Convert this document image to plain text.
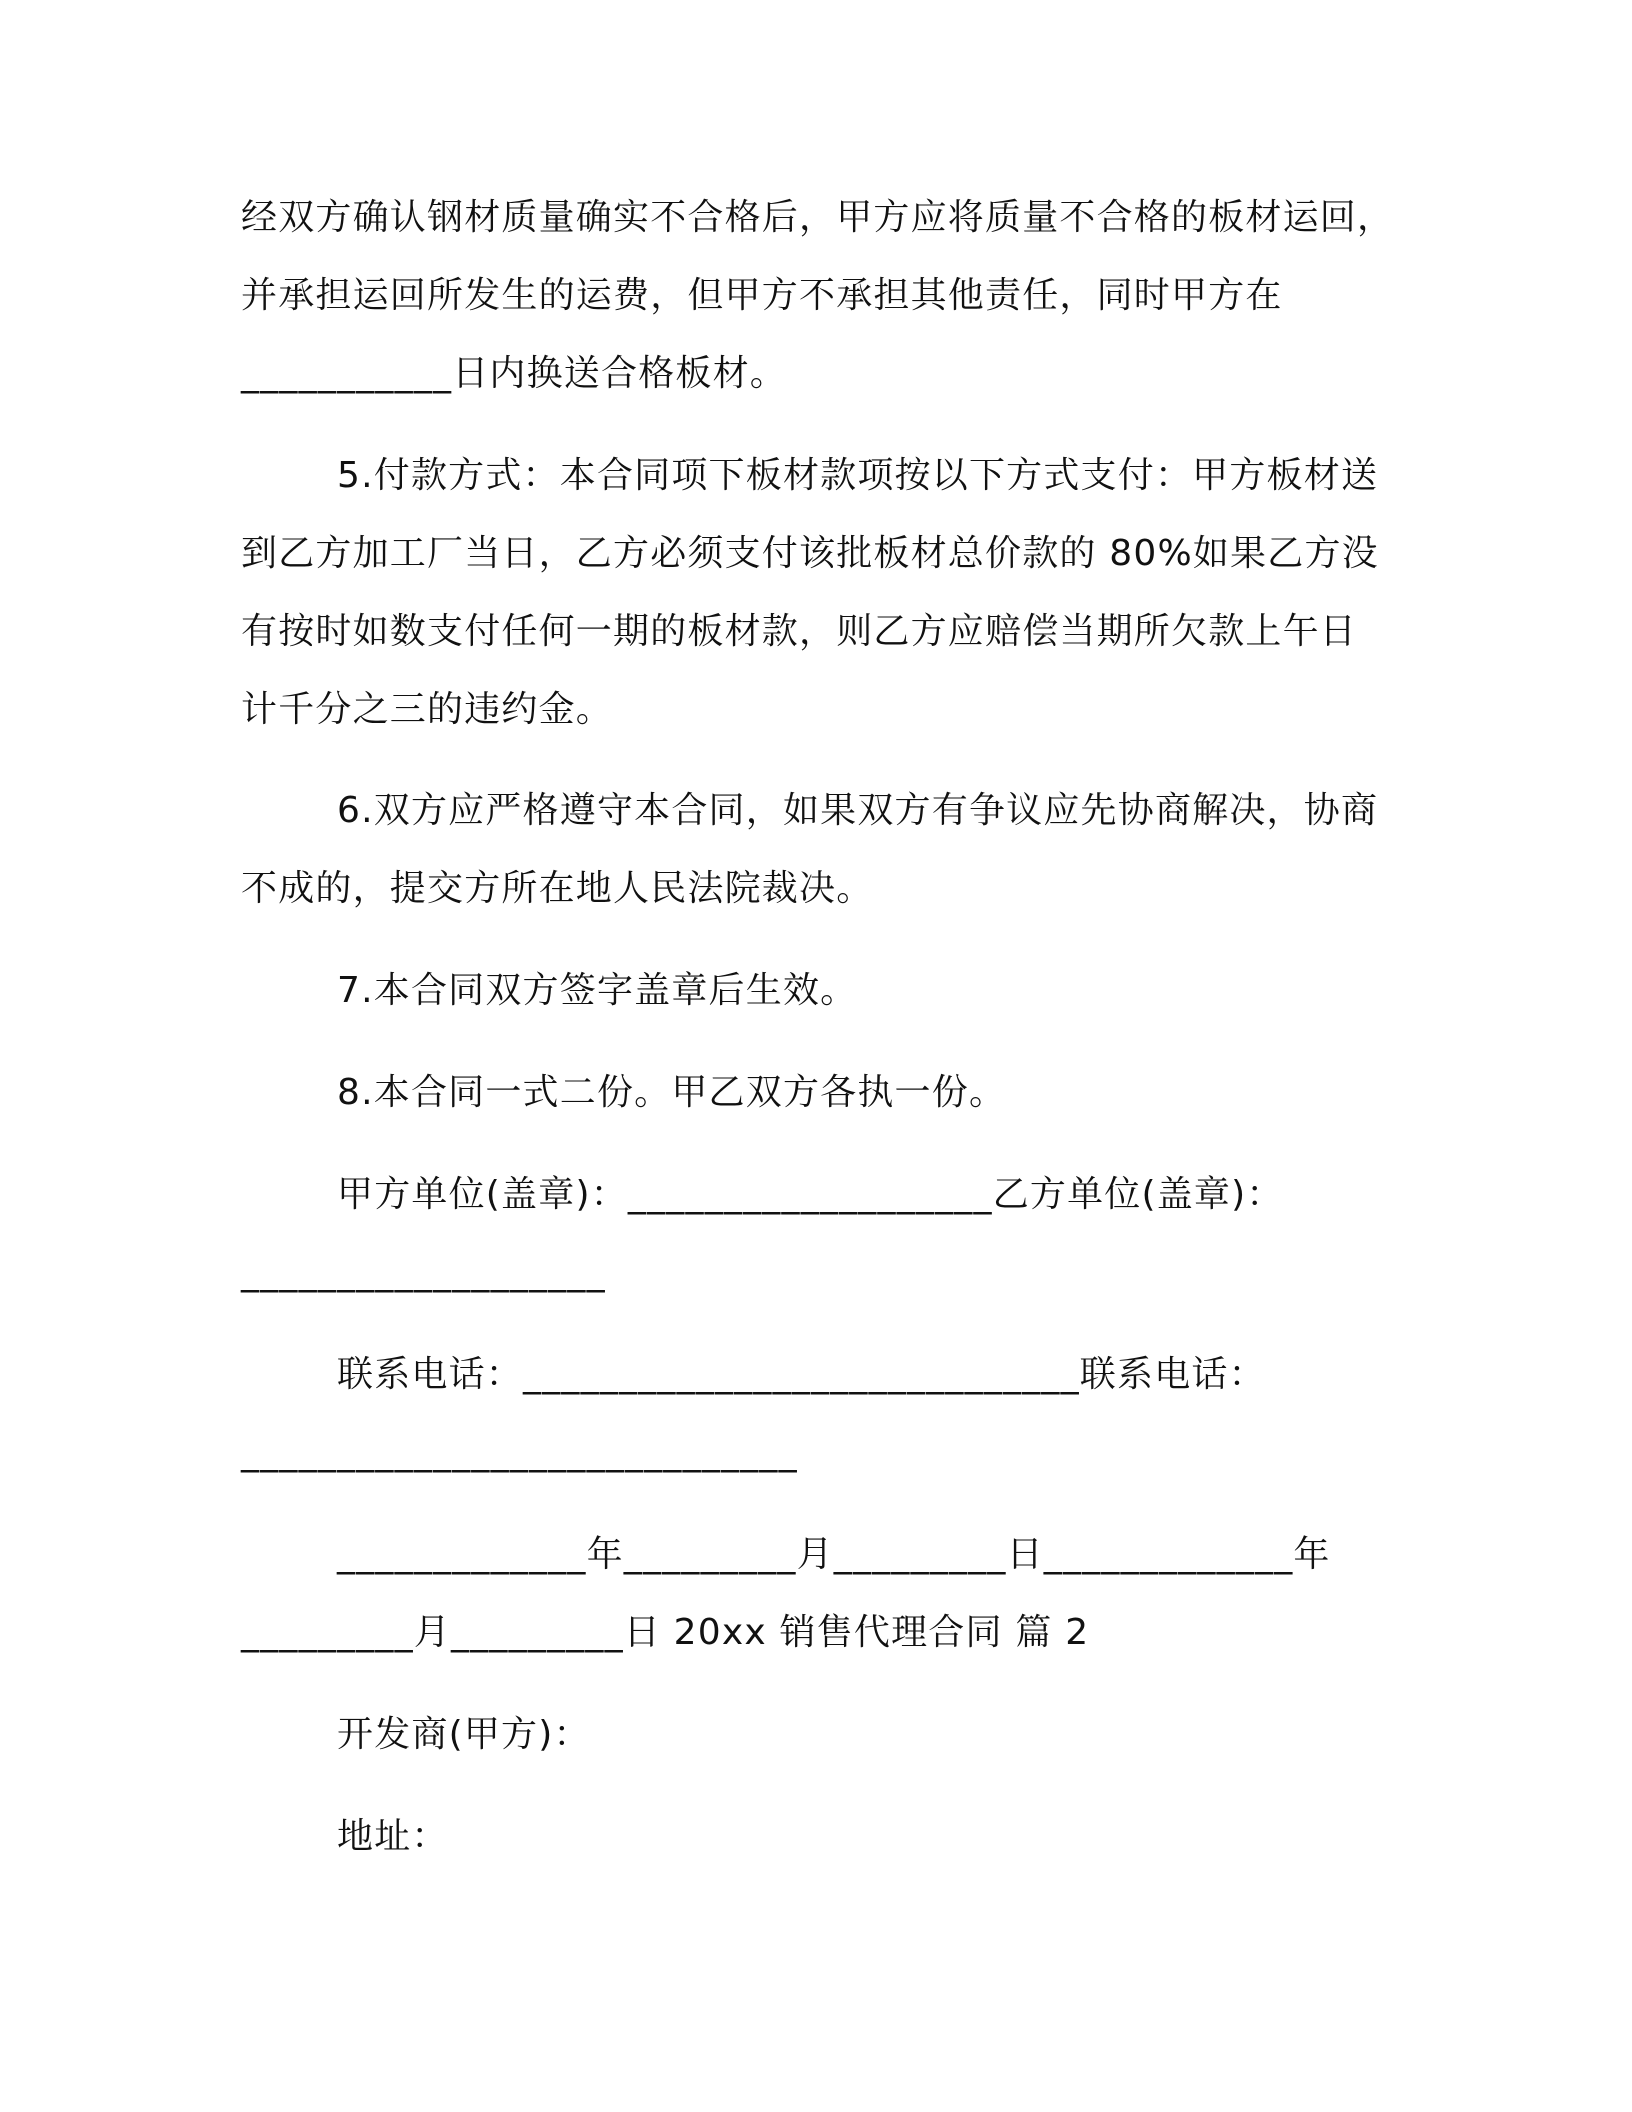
经双方确认钢材质量确实不合格后，甲方应将质量不合格的板材运回，
并承担运回所发生的运费，但甲方不承担其他责任，同时甲方在
___________日内换送合格板材。
5.付款方式：本合同项下板材款项按以下方式支付：甲方板材送
到乙方加工厂当日，乙方必须支付该批板材总价款的 80%如果乙方没
有按时如数支付任何一期的板材款，则乙方应赔偿当期所欠款上午日
计千分之三的违约金。
6.双方应严格遵守本合同，如果双方有争议应先协商解决，协商
不成的，提交方所在地人民法院裁决。
7.本合同双方签字盖章后生效。
8.本合同一式二份。甲乙双方各执一份。
甲方单位(盖章)：___________________乙方单位(盖章)：
___________________
联系电话：_____________________________联系电话：
_____________________________
_____________年_________月_________日_____________年
_________月_________日 20xx 销售代理合同 篇 2
开发商(甲方)：
地址：
